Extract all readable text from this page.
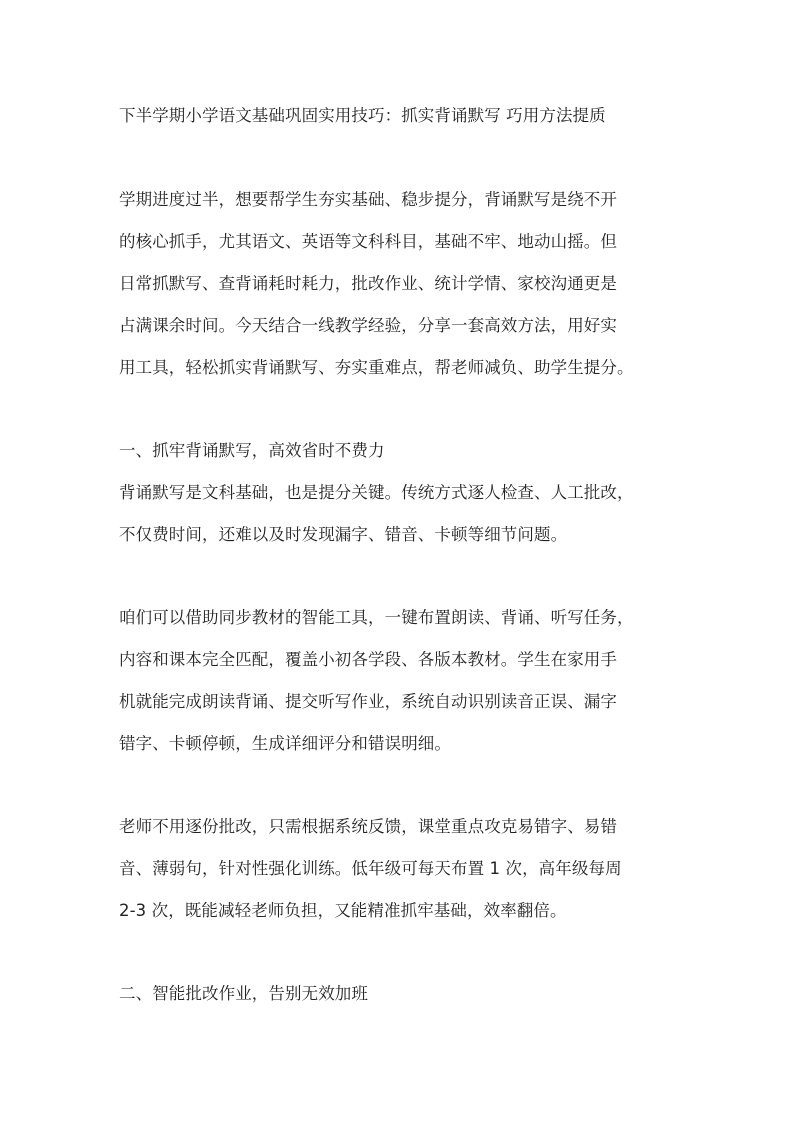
下半学期小学语文基础巩固实用技巧：抓实背诵默写 巧用方法提质
学期进度过半，想要帮学生夯实基础、稳步提分，背诵默写是绕不开
的核心抓手，尤其语文、英语等文科科目，基础不牢、地动山摇。但
日常抓默写、查背诵耗时耗力，批改作业、统计学情、家校沟通更是
占满课余时间。今天结合一线教学经验，分享一套高效方法，用好实
用工具，轻松抓实背诵默写、夯实重难点，帮老师减负、助学生提分。
一、抓牢背诵默写，高效省时不费力
背诵默写是文科基础，也是提分关键。传统方式逐人检查、人工批改，
不仅费时间，还难以及时发现漏字、错音、卡顿等细节问题。
咱们可以借助同步教材的智能工具，一键布置朗读、背诵、听写任务，
内容和课本完全匹配，覆盖小初各学段、各版本教材。学生在家用手
机就能完成朗读背诵、提交听写作业，系统自动识别读音正误、漏字
错字、卡顿停顿，生成详细评分和错误明细。
老师不用逐份批改，只需根据系统反馈，课堂重点攻克易错字、易错
音、薄弱句，针对性强化训练。低年级可每天布置 1 次，高年级每周
2-3 次，既能减轻老师负担，又能精准抓牢基础，效率翻倍。
二、智能批改作业，告别无效加班
